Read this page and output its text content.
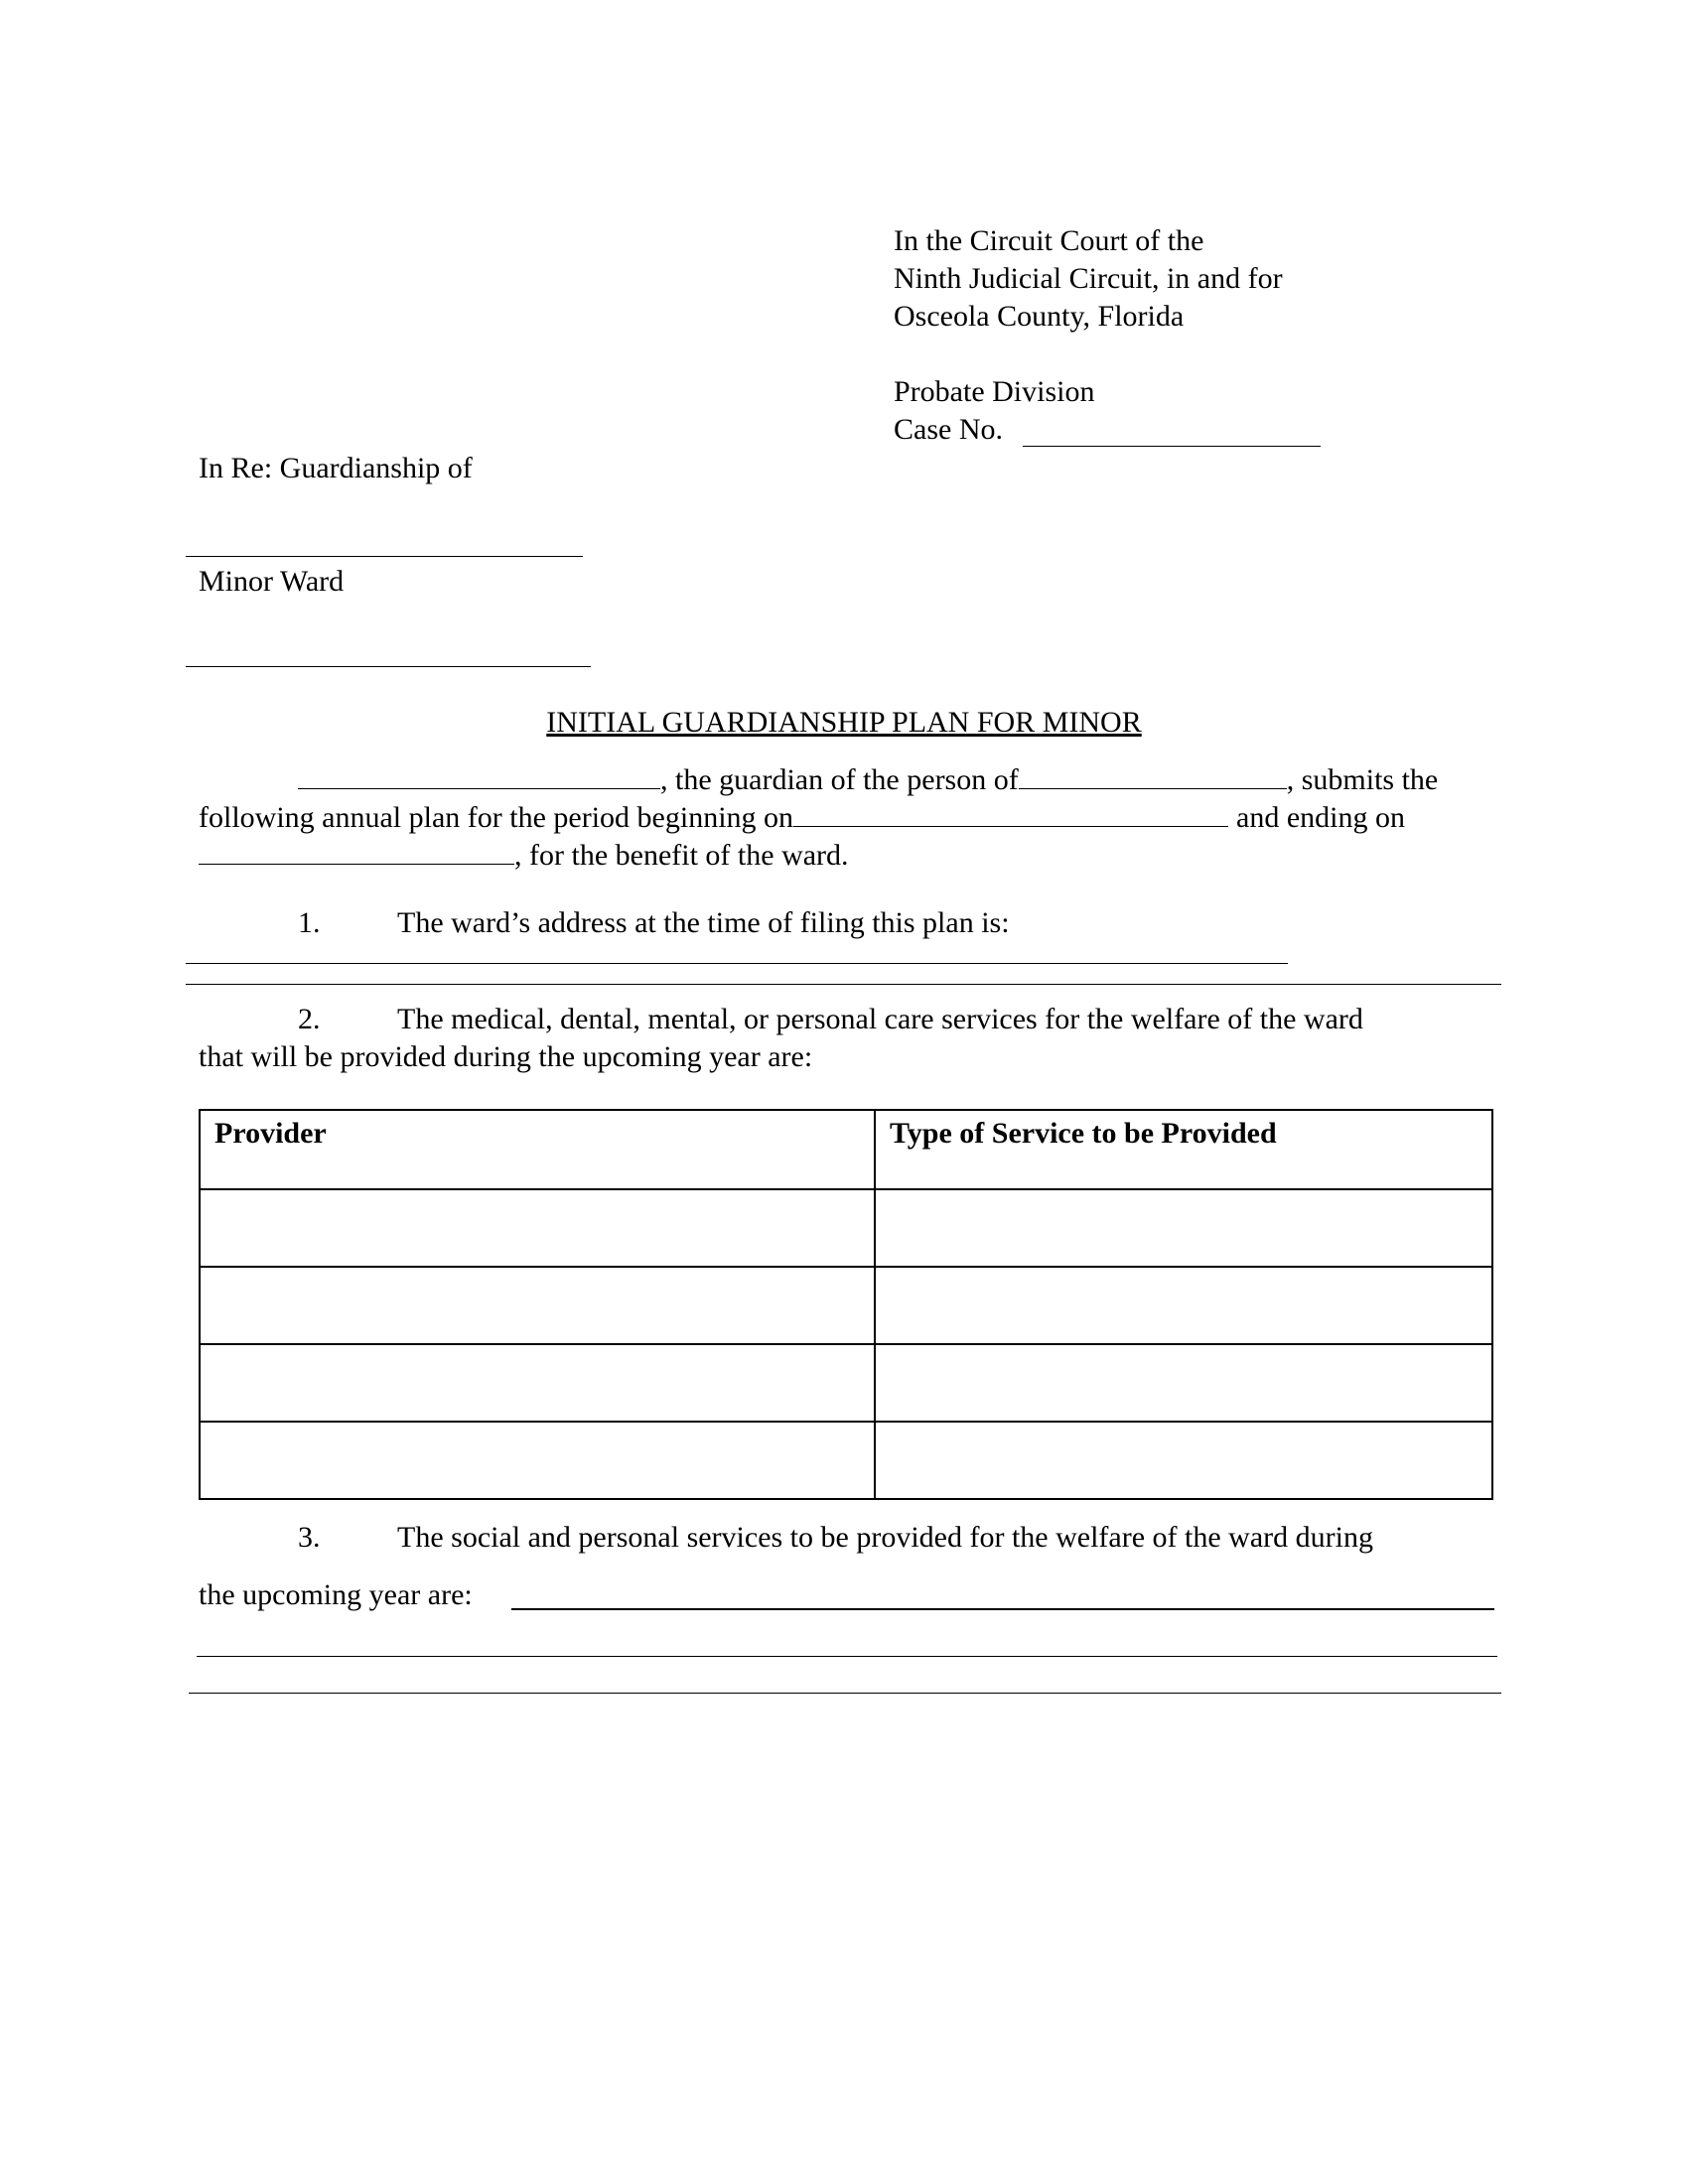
In the Circuit Court of the
Ninth Judicial Circuit, in and for
Osceola County, Florida
Probate Division
Case No.
In Re: Guardianship of
Minor Ward
INITIAL GUARDIANSHIP PLAN FOR MINOR
, the guardian of the person of	, submits the
following annual plan for the period beginning on	and ending on
, for the benefit of the ward.
1.	The ward’s address at the time of filing this plan is:
2.	The medical, dental, mental, or personal care services for the welfare of the ward
that will be provided during the upcoming year are:
Provider	Type of Service to be Provided

3.	The social and personal services to be provided for the welfare of the ward during
the upcoming year are:
